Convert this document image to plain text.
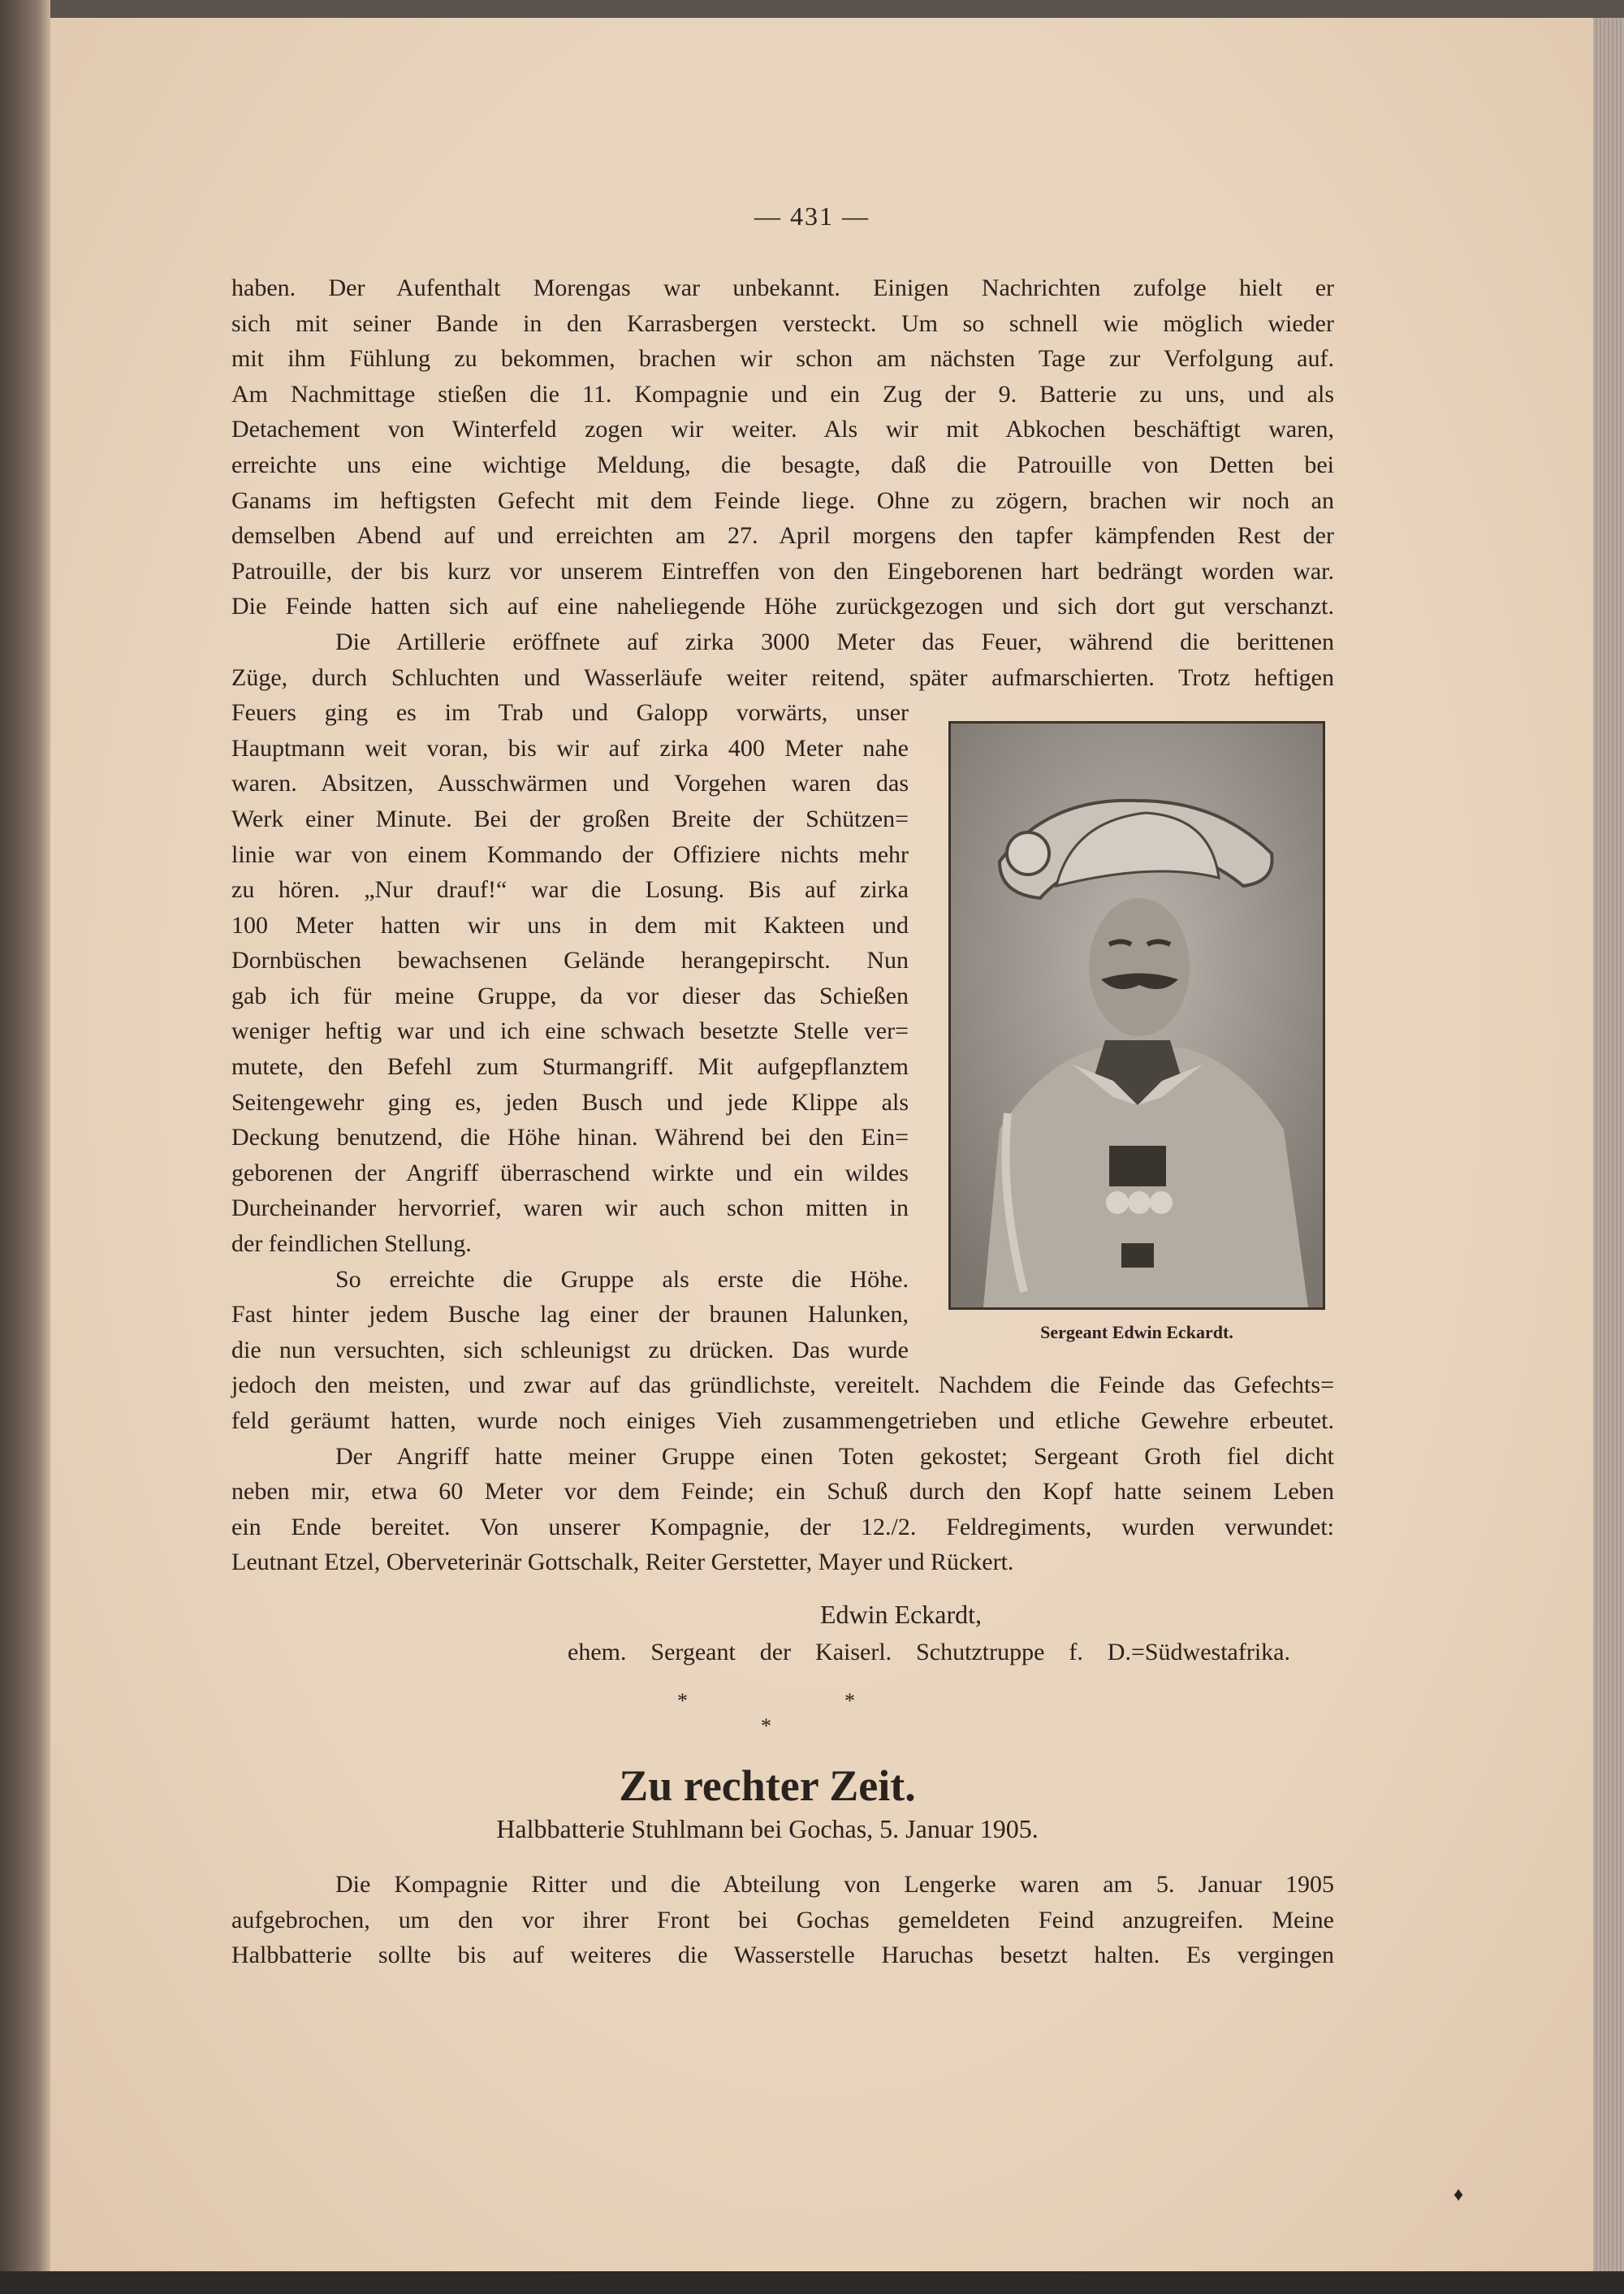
— 431 —
haben. Der Aufenthalt Morengas war unbekannt. Einigen Nachrichten zufolge hielt er
sich mit seiner Bande in den Karrasbergen versteckt. Um so schnell wie möglich wieder
mit ihm Fühlung zu bekommen, brachen wir schon am nächsten Tage zur Verfolgung auf.
Am Nachmittage stießen die 11. Kompagnie und ein Zug der 9. Batterie zu uns, und als
Detachement von Winterfeld zogen wir weiter. Als wir mit Abkochen beschäftigt waren,
erreichte uns eine wichtige Meldung, die besagte, daß die Patrouille von Detten bei
Ganams im heftigsten Gefecht mit dem Feinde liege. Ohne zu zögern, brachen wir noch an
demselben Abend auf und erreichten am 27. April morgens den tapfer kämpfenden Rest der
Patrouille, der bis kurz vor unserem Eintreffen von den Eingeborenen hart bedrängt worden war.
Die Feinde hatten sich auf eine naheliegende Höhe zurückgezogen und sich dort gut verschanzt.
Die Artillerie eröffnete auf zirka 3000 Meter das Feuer, während die berittenen
Züge, durch Schluchten und Wasserläufe weiter reitend, später aufmarschierten. Trotz heftigen
Feuers ging es im Trab und Galopp vorwärts, unser
Hauptmann weit voran, bis wir auf zirka 400 Meter nahe
waren. Absitzen, Ausschwärmen und Vorgehen waren das
Werk einer Minute. Bei der großen Breite der Schützen=
linie war von einem Kommando der Offiziere nichts mehr
zu hören. „Nur drauf!“ war die Losung. Bis auf zirka
100 Meter hatten wir uns in dem mit Kakteen und
Dornbüschen bewachsenen Gelände herangepirscht. Nun
gab ich für meine Gruppe, da vor dieser das Schießen
weniger heftig war und ich eine schwach besetzte Stelle ver=
mutete, den Befehl zum Sturmangriff. Mit aufgepflanztem
Seitengewehr ging es, jeden Busch und jede Klippe als
Deckung benutzend, die Höhe hinan. Während bei den Ein=
geborenen der Angriff überraschend wirkte und ein wildes
Durcheinander hervorrief, waren wir auch schon mitten in
der feindlichen Stellung.
So erreichte die Gruppe als erste die Höhe.
Fast hinter jedem Busche lag einer der braunen Halunken,
die nun versuchten, sich schleunigst zu drücken. Das wurde
jedoch den meisten, und zwar auf das gründlichste, vereitelt. Nachdem die Feinde das Gefechts=
feld geräumt hatten, wurde noch einiges Vieh zusammengetrieben und etliche Gewehre erbeutet.
Der Angriff hatte meiner Gruppe einen Toten gekostet; Sergeant Groth fiel dicht
neben mir, etwa 60 Meter vor dem Feinde; ein Schuß durch den Kopf hatte seinem Leben
ein Ende bereitet. Von unserer Kompagnie, der 12./2. Feldregiments, wurden verwundet:
Leutnant Etzel, Oberveterinär Gottschalk, Reiter Gerstetter, Mayer und Rückert.
Sergeant Edwin Eckardt.
Edwin Eckardt,
ehem. Sergeant der Kaiserl. Schutztruppe f. D.=Südwestafrika.
*	*
*
Zu rechter Zeit.
Halbbatterie Stuhlmann bei Gochas, 5. Januar 1905.
Die Kompagnie Ritter und die Abteilung von Lengerke waren am 5. Januar 1905
aufgebrochen, um den vor ihrer Front bei Gochas gemeldeten Feind anzugreifen. Meine
Halbbatterie sollte bis auf weiteres die Wasserstelle Haruchas besetzt halten. Es vergingen
♦
